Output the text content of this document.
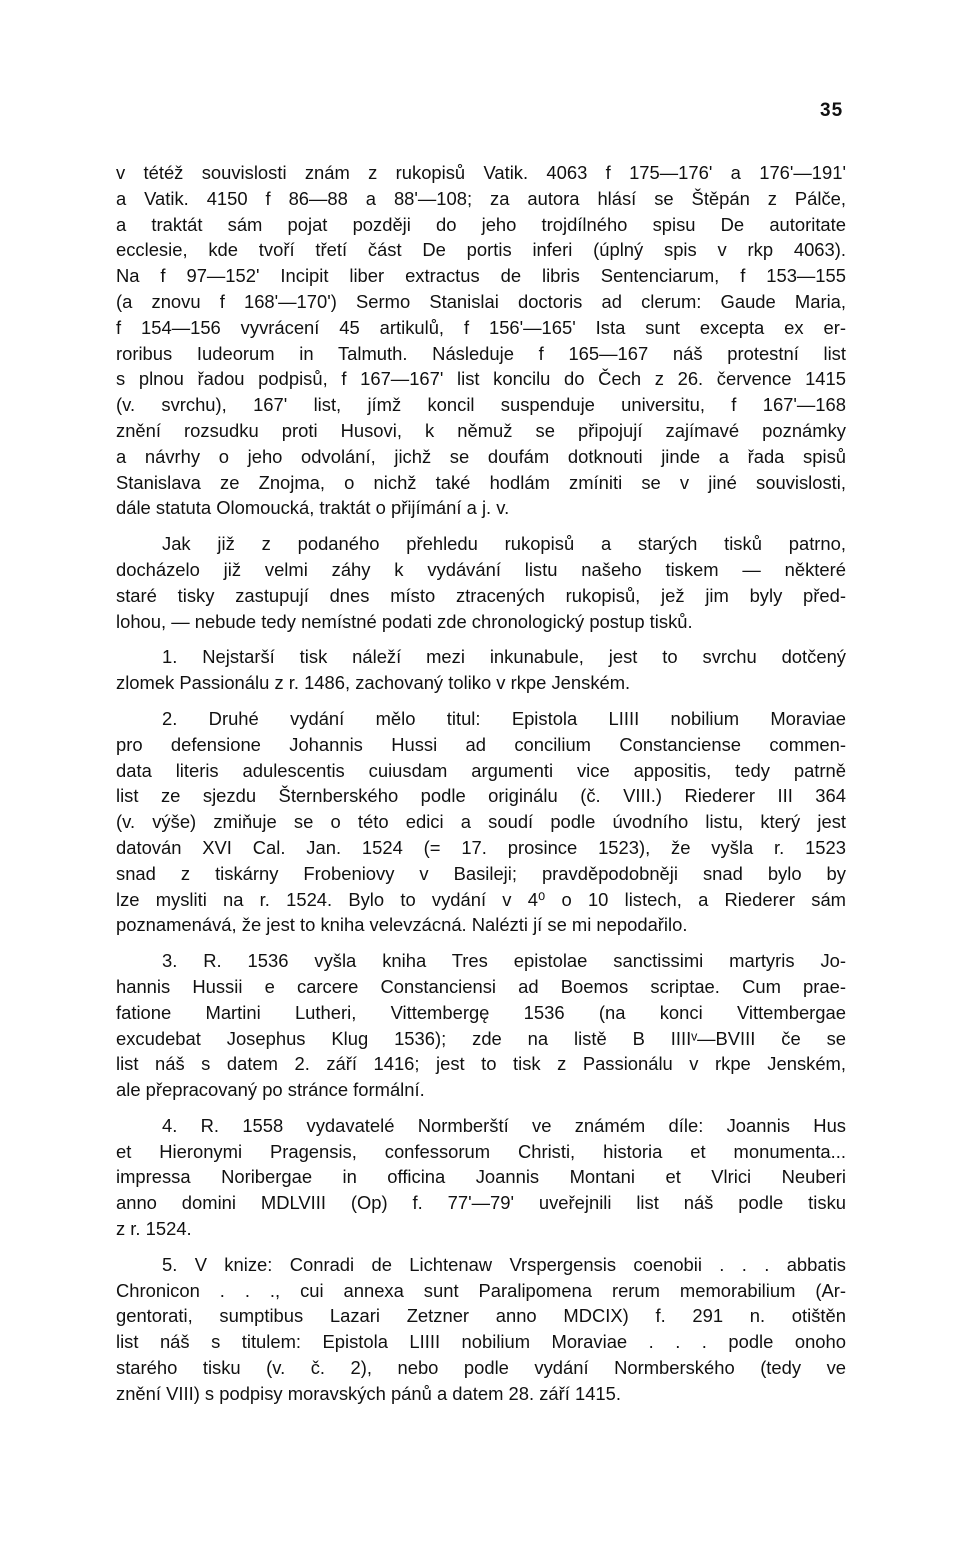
35
v tétéž souvislosti znám z rukopisů Vatik. 4063 f 175—176' a 176'—191'
a Vatik. 4150 f 86—88 a 88'—108; za autora hlásí se Štěpán z Pálče,
a traktát sám pojat později do jeho trojdílného spisu De autoritate
ecclesie, kde tvoří třetí část De portis inferi (úplný spis v rkp 4063).
Na f 97—152' Incipit liber extractus de libris Sentenciarum, f 153—155
(a znovu f 168'—170') Sermo Stanislai doctoris ad clerum: Gaude Maria,
f 154—156 vyvrácení 45 artikulů, f 156'—165' Ista sunt excepta ex er-
roribus Iudeorum in Talmuth. Následuje f 165—167 náš protestní list
s plnou řadou podpisů, f 167—167' list koncilu do Čech z 26. července 1415
(v. svrchu), 167' list, jímž koncil suspenduje universitu, f 167'—168
znění rozsudku proti Husovi, k němuž se připojují zajímavé poznámky
a návrhy o jeho odvolání, jichž se doufám dotknouti jinde a řada spisů
Stanislava ze Znojma, o nichž také hodlám zmíniti se v jiné souvislosti,
dále statuta Olomoucká, traktát o přijímání a j. v.
Jak již z podaného přehledu rukopisů a starých tisků patrno,
docházelo již velmi záhy k vydávání listu našeho tiskem — některé
staré tisky zastupují dnes místo ztracených rukopisů, jež jim byly před-
lohou, — nebude tedy nemístné podati zde chronologický postup tisků.
1. Nejstarší tisk náleží mezi inkunabule, jest to svrchu dotčený
zlomek Passionálu z r. 1486, zachovaný toliko v rkpe Jenském.
2. Druhé vydání mělo titul: Epistola LIIII nobilium Moraviae
pro defensione Johannis Hussi ad concilium Constanciense commen-
data literis adulescentis cuiusdam argumenti vice appositis, tedy patrně
list ze sjezdu Šternberského podle originálu (č. VIII.) Riederer III 364
(v. výše) zmiňuje se o této edici a soudí podle úvodního listu, který jest
datován XVI Cal. Jan. 1524 (= 17. prosince 1523), že vyšla r. 1523
snad z tiskárny Frobeniovy v Basileji; pravděpodobněji snad bylo by
lze mysliti na r. 1524. Bylo to vydání v 4⁰ o 10 listech, a Riederer sám
poznamenává, že jest to kniha velevzácná. Nalézti jí se mi nepodařilo.
3. R. 1536 vyšla kniha Tres epistolae sanctissimi martyris Jo-
hannis Hussii e carcere Constanciensi ad Boemos scriptae. Cum prae-
fatione Martini Lutheri, Vittembergę 1536 (na konci Vittembergae
excudebat Josephus Klug 1536); zde na listě B IIIIᵛ—BVIII če se
list náš s datem 2. září 1416; jest to tisk z Passionálu v rkpe Jenském,
ale přepracovaný po stránce formální.
4. R. 1558 vydavatelé Normberští ve známém díle: Joannis Hus
et Hieronymi Pragensis, confessorum Christi, historia et monumenta...
impressa Noribergae in officina Joannis Montani et Vlrici Neuberi
anno domini MDLVIII (Op) f. 77'—79' uveřejnili list náš podle tisku
z r. 1524.
5. V knize: Conradi de Lichtenaw Vrspergensis coenobii . . . abbatis
Chronicon . . ., cui annexa sunt Paralipomena rerum memorabilium (Ar-
gentorati, sumptibus Lazari Zetzner anno MDCIX) f. 291 n. otištěn
list náš s titulem: Epistola LIIII nobilium Moraviae . . . podle onoho
starého tisku (v. č. 2), nebo podle vydání Normberského (tedy ve
znění VIII) s podpisy moravských pánů a datem 28. září 1415.
